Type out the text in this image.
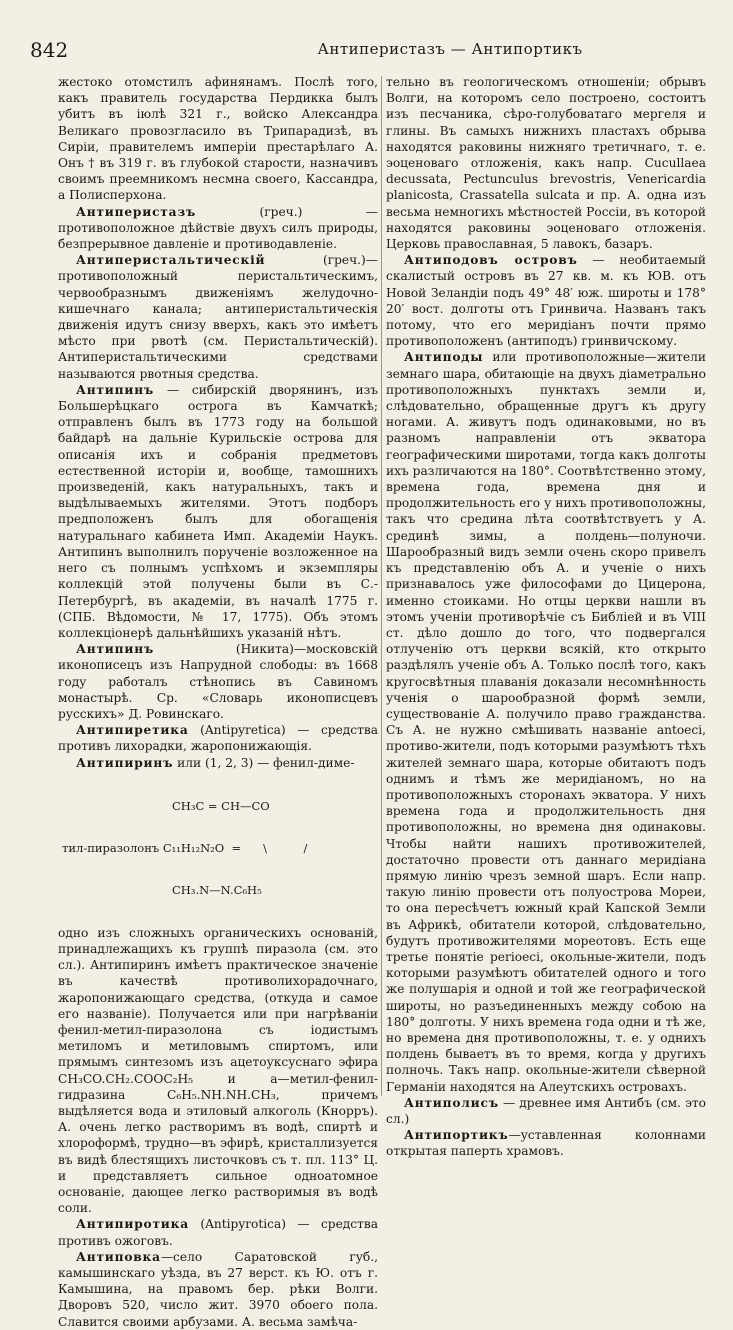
842	Антиперистазъ — Антипортикъ

жестоко отомстилъ афинянамъ. Послѣ того, какъ правитель государства Пердикка былъ убитъ въ іюлѣ 321 г., войско Александра Великаго провозгласило въ Трипарадизѣ, въ Сиріи, правителемъ имперіи престарѣлаго А. Онъ † въ 319 г. въ глубокой старости, назначивъ своимъ преемникомъ несмна своего, Кассандра, а Полисперхона.

Антиперистазъ (греч.) — противоположное дѣйствіе двухъ силъ природы, безпрерывное давленіе и противодавленіе.

Антиперистальтическій (греч.)— противоположный перистальтическимъ, червообразнымъ движеніямъ желудочно-кишечнаго канала; антиперистальтическія движенія идутъ снизу вверхъ, какъ это имѣетъ мѣсто при рвотѣ (см. Перистальтическій). Антиперистальтическими средствами называются рвотныя средства.

Антипинъ — сибирскій дворянинъ, изъ Большерѣцкаго острога въ Камчаткѣ; отправленъ былъ въ 1773 году на большой байдарѣ на дальніе Курильскіе острова для описанія ихъ и собранія предметовъ естественной исторіи и, вообще, тамошнихъ произведеній, какъ натуральныхъ, такъ и выдѣлываемыхъ жителями. Этотъ подборъ предположенъ былъ для обогащенія натуральнаго кабинета Имп. Академіи Наукъ. Антипинъ выполнилъ порученіе возложенное на него съ полнымъ успѣхомъ и экземпляры коллекцій этой получены были въ С.-Петербургѣ, въ академіи, въ началѣ 1775 г. (СПБ. Вѣдомости, № 17, 1775). Объ этомъ коллекціонерѣ дальнѣйшихъ указаній нѣтъ.

Антипинъ (Никита)—московскій иконописецъ изъ Напрудной слободы: въ 1668 году работалъ стѣнопись въ Савиномъ монастырѣ. Ср. «Словарь иконописцевъ русскихъ» Д. Ровинскаго.

Антипиретика (Antipyretica) — средства противъ лихорадки, жаропонижающія.

Антипиринъ или (1, 2, 3) — фенил-диме-

CH₃C = CH—CO

тил-пиразолонъ C₁₁H₁₂N₂O  =      \          /

CH₃.N—N.C₆H₅

одно изъ сложныхъ органическихъ основаній, принадлежащихъ къ группѣ пиразола (см. это сл.). Антипиринъ имѣетъ практическое значеніе въ качествѣ противолихорадочнаго, жаропонижающаго средства, (откуда и самое его названіе). Получается или при нагрѣваніи фенил-метил-пиразолона съ іодистымъ метиломъ и метиловымъ спиртомъ, или прямымъ синтезомъ изъ ацетоуксуснаго эфира CH₃CO.CH₂.COOC₂H₅ и a—метил-фенил-гидразина C₆H₅.NH.NH.CH₃, причемъ выдѣляется вода и этиловый алкоголь (Кнорръ). А. очень легко растворимъ въ водѣ, спиртѣ и хлороформѣ, трудно—въ эфирѣ, кристаллизуется въ видѣ блестящихъ листочковъ съ т. пл. 113° Ц. и представляетъ сильное одноатомное основаніе, дающее легко растворимыя въ водѣ соли.

Антипиротика (Antipyrotica) — средства противъ ожоговъ.

Антиповка—село Саратовской губ., камышинскаго уѣзда, въ 27 верст. къ Ю. отъ г. Камышина, на правомъ бер. рѣки Волги. Дворовъ 520, число жит. 3970 обоего пола. Славится своими арбузами. А. весьма замѣча-

тельно въ геологическомъ отношеніи; обрывъ Волги, на которомъ село построено, состоитъ изъ песчаника, сѣро-голубоватаго мергеля и глины. Въ самыхъ нижнихъ пластахъ обрыва находятся раковины нижняго третичнаго, т. е. эоценоваго отложенія, какъ напр. Cucullaea decussata, Pectunculus brevostris, Venericardia planicosta, Crassatella sulcata и пр. А. одна изъ весьма немногихъ мѣстностей Россіи, въ которой находятся раковины эоценоваго отложенія. Церковь православная, 5 лавокъ, базаръ.

Антиподовъ островъ — необитаемый скалистый островъ въ 27 кв. м. къ ЮВ. отъ Новой Зеландіи подъ 49° 48′ юж. широты и 178° 20′ вост. долготы отъ Гринвича. Названъ такъ потому, что его меридіанъ почти прямо противоположенъ (антиподъ) гринвичскому.

Антиподы или противоположные—жители земнаго шара, обитающіе на двухъ діаметрально противоположныхъ пунктахъ земли и, слѣдовательно, обращенные другъ къ другу ногами. А. живутъ подъ одинаковыми, но въ разномъ направленіи отъ экватора географическими широтами, тогда какъ долготы ихъ различаются на 180°. Соотвѣтственно этому, времена года, времена дня и продолжительность его у нихъ противоположны, такъ что средина лѣта соотвѣтствуетъ у А. срединѣ зимы, а полдень—полуночи. Шарообразный видъ земли очень скоро привелъ къ представленію объ А. и ученіе о нихъ признавалось уже философами до Цицерона, именно стоиками. Но отцы церкви нашли въ этомъ ученіи противорѣчіе съ Библіей и въ VIII ст. дѣло дошло до того, что подвергался отлученію отъ церкви всякій, кто открыто раздѣлялъ ученіе объ А. Только послѣ того, какъ кругосвѣтныя плаванія доказали несомнѣнность ученія о шарообразной формѣ земли, существованіе А. получило право гражданства. Съ А. не нужно смѣшивать названіе antoeci, противо-жители, подъ которыми разумѣютъ тѣхъ жителей земнаго шара, которые обитаютъ подъ однимъ и тѣмъ же меридіаномъ, но на противоположныхъ сторонахъ экватора. У нихъ времена года и продолжительность дня противоположны, но времена дня одинаковы. Чтобы найти нашихъ противожителей, достаточно провести отъ даннаго меридіана прямую линію чрезъ земной шаръ. Если напр. такую линію провести отъ полуострова Мореи, то она пересѣчетъ южный край Капской Земли въ Африкѣ, обитатели которой, слѣдовательно, будутъ противожителями мореотовъ. Есть еще третье понятіе perioeci, окольные-жители, подъ которыми разумѣютъ обитателей одного и того же полушарія и одной и той же географической широты, но разъединенныхъ между собою на 180° долготы. У нихъ времена года одни и тѣ же, но времена дня противоположны, т. е. у однихъ полдень бываетъ въ то время, когда у другихъ полночь. Такъ напр. окольные-жители сѣверной Германіи находятся на Алеутскихъ островахъ.

Антиполисъ — древнее имя Антибъ (см. это сл.)

Антипортикъ—уставленная колоннами открытая паперть храмовъ.
